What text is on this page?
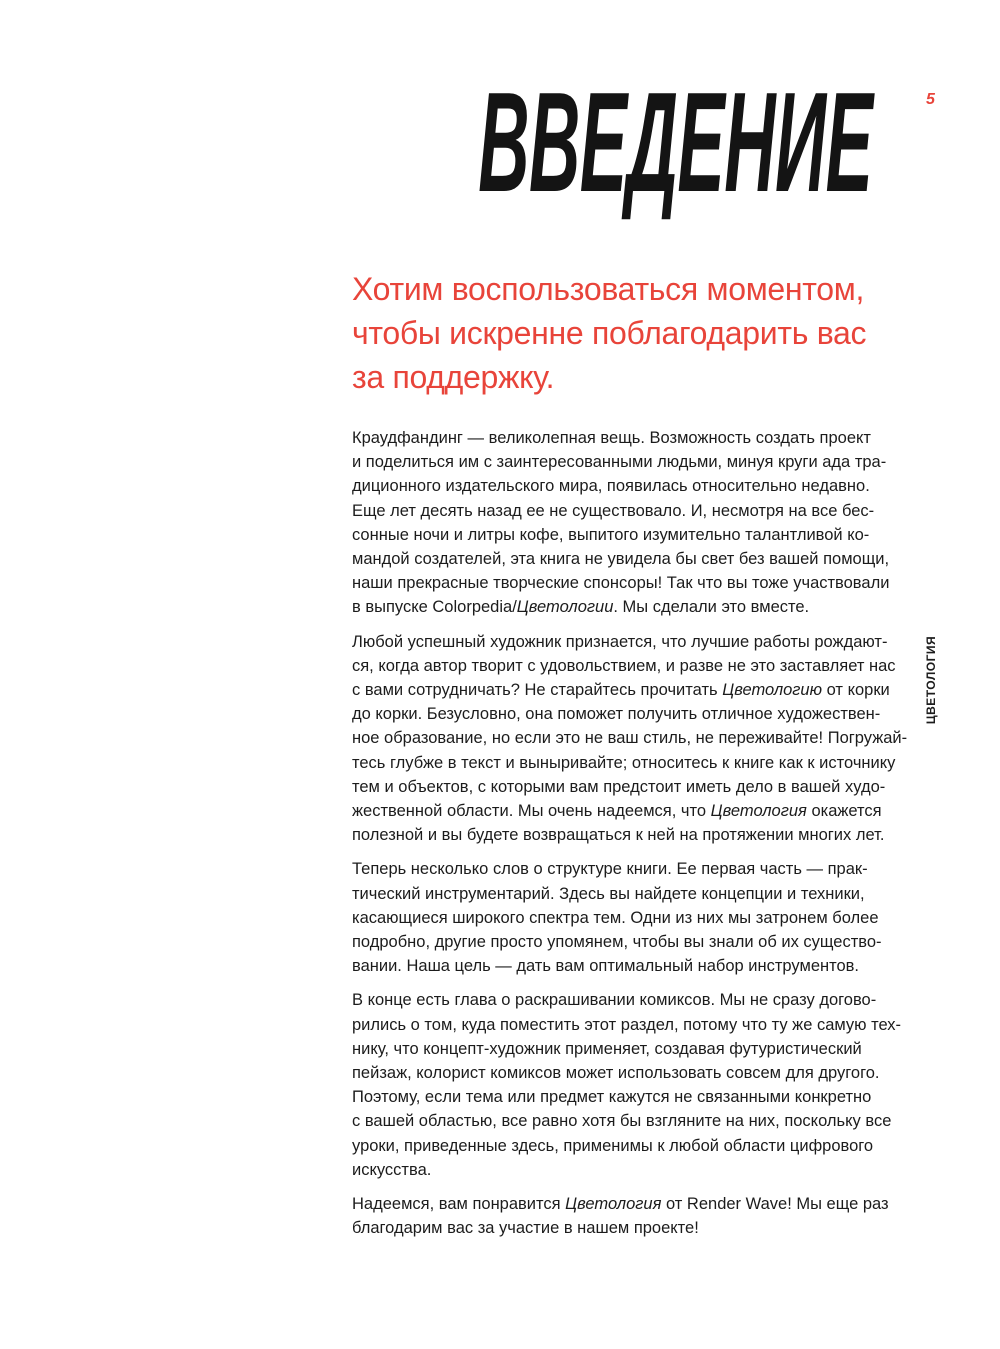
ВВЕДЕНИЕ	5
ЦВЕТОЛОГИЯ
Хотим воспользоваться моментом,
чтобы искренне поблагодарить вас
за поддержку.

Краудфандинг — великолепная вещь. Возможность создать проект
и поделиться им с заинтересованными людьми, минуя круги ада тра-
диционного издательского мира, появилась относительно недавно.
Еще лет десять назад ее не существовало. И, несмотря на все бес-
сонные ночи и литры кофе, выпитого изумительно талантливой ко-
мандой создателей, эта книга не увидела бы свет без вашей помощи,
наши прекрасные творческие спонсоры! Так что вы тоже участвовали
в выпуске Colorpedia/Цветологии. Мы сделали это вместе.

Любой успешный художник признается, что лучшие работы рождают-
ся, когда автор творит с удовольствием, и разве не это заставляет нас
с вами сотрудничать? Не старайтесь прочитать Цветологию от корки
до корки. Безусловно, она поможет получить отличное художествен-
ное образование, но если это не ваш стиль, не переживайте! Погружай-
тесь глубже в текст и выныривайте; относитесь к книге как к источнику
тем и объектов, с которыми вам предстоит иметь дело в вашей худо-
жественной области. Мы очень надеемся, что Цветология окажется
полезной и вы будете возвращаться к ней на протяжении многих лет.

Теперь несколько слов о структуре книги. Ее первая часть — прак-
тический инструментарий. Здесь вы найдете концепции и техники,
касающиеся широкого спектра тем. Одни из них мы затронем более
подробно, другие просто упомянем, чтобы вы знали об их существо-
вании. Наша цель — дать вам оптимальный набор инструментов.

В конце есть глава о раскрашивании комиксов. Мы не сразу догово-
рились о том, куда поместить этот раздел, потому что ту же самую тех-
нику, что концепт-художник применяет, создавая футуристический
пейзаж, колорист комиксов может использовать совсем для другого.
Поэтому, если тема или предмет кажутся не связанными конкретно
с вашей областью, все равно хотя бы взгляните на них, поскольку все
уроки, приведенные здесь, применимы к любой области цифрового
искусства.

Надеемся, вам понравится Цветология от Render Wave! Мы еще раз
благодарим вас за участие в нашем проекте!
